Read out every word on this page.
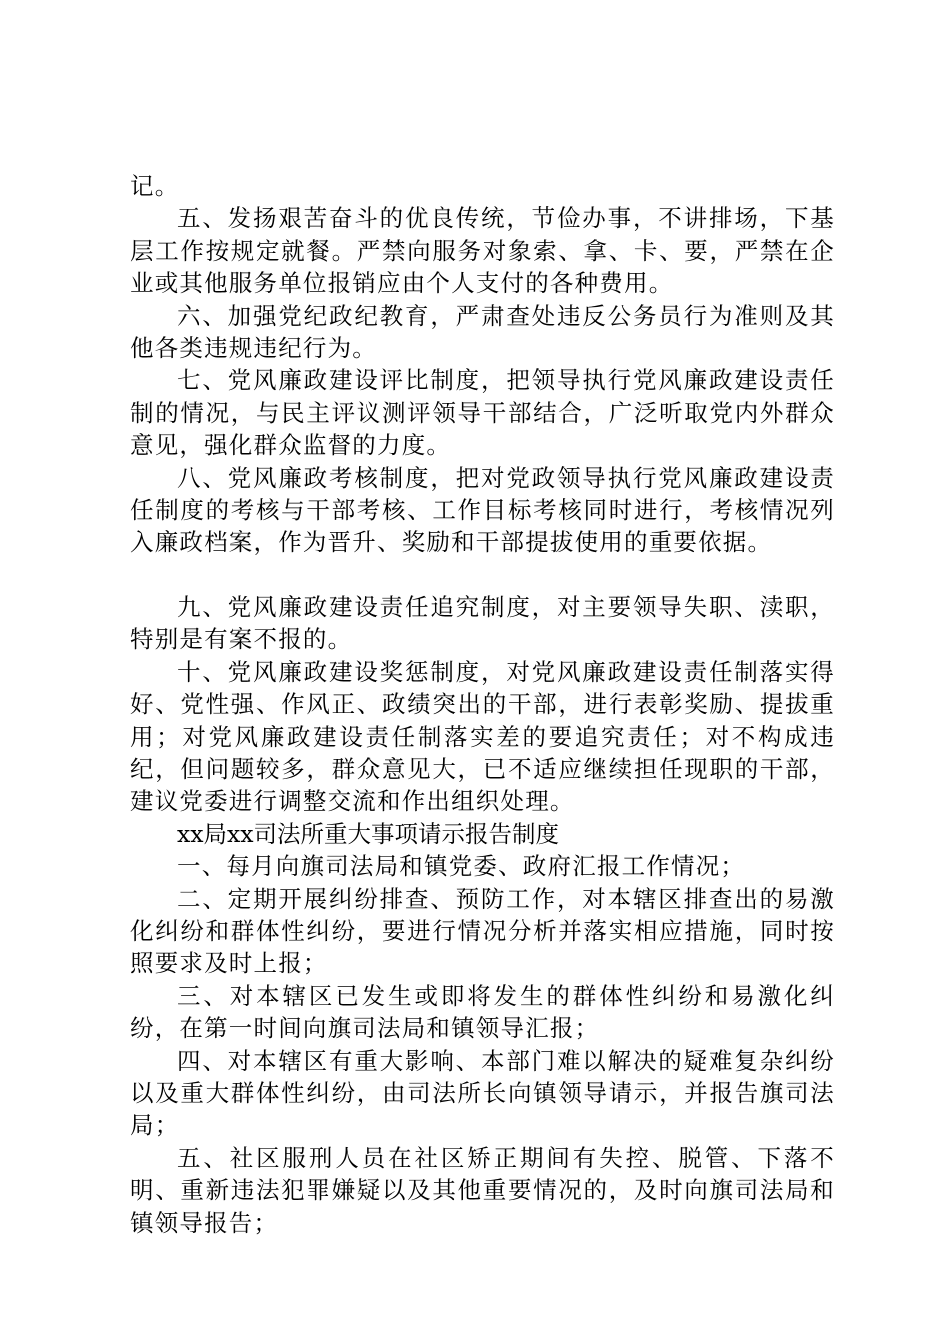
记。

五、发扬艰苦奋斗的优良传统，节俭办事，不讲排场，下基层工作按规定就餐。严禁向服务对象索、拿、卡、要，严禁在企业或其他服务单位报销应由个人支付的各种费用。

六、加强党纪政纪教育，严肃查处违反公务员行为准则及其他各类违规违纪行为。

七、党风廉政建设评比制度，把领导执行党风廉政建设责任制的情况，与民主评议测评领导干部结合，广泛听取党内外群众意见，强化群众监督的力度。

八、党风廉政考核制度，把对党政领导执行党风廉政建设责任制度的考核与干部考核、工作目标考核同时进行，考核情况列入廉政档案，作为晋升、奖励和干部提拔使用的重要依据。

九、党风廉政建设责任追究制度，对主要领导失职、渎职，特别是有案不报的。

十、党风廉政建设奖惩制度，对党风廉政建设责任制落实得好、党性强、作风正、政绩突出的干部，进行表彰奖励、提拔重用；对党风廉政建设责任制落实差的要追究责任；对不构成违纪，但问题较多，群众意见大，已不适应继续担任现职的干部，建议党委进行调整交流和作出组织处理。

xx局xx司法所重大事项请示报告制度

一、每月向旗司法局和镇党委、政府汇报工作情况；

二、定期开展纠纷排查、预防工作，对本辖区排查出的易激化纠纷和群体性纠纷，要进行情况分析并落实相应措施，同时按照要求及时上报；

三、对本辖区已发生或即将发生的群体性纠纷和易激化纠纷，在第一时间向旗司法局和镇领导汇报；

四、对本辖区有重大影响、本部门难以解决的疑难复杂纠纷以及重大群体性纠纷，由司法所长向镇领导请示，并报告旗司法局；

五、社区服刑人员在社区矫正期间有失控、脱管、下落不明、重新违法犯罪嫌疑以及其他重要情况的，及时向旗司法局和镇领导报告；
